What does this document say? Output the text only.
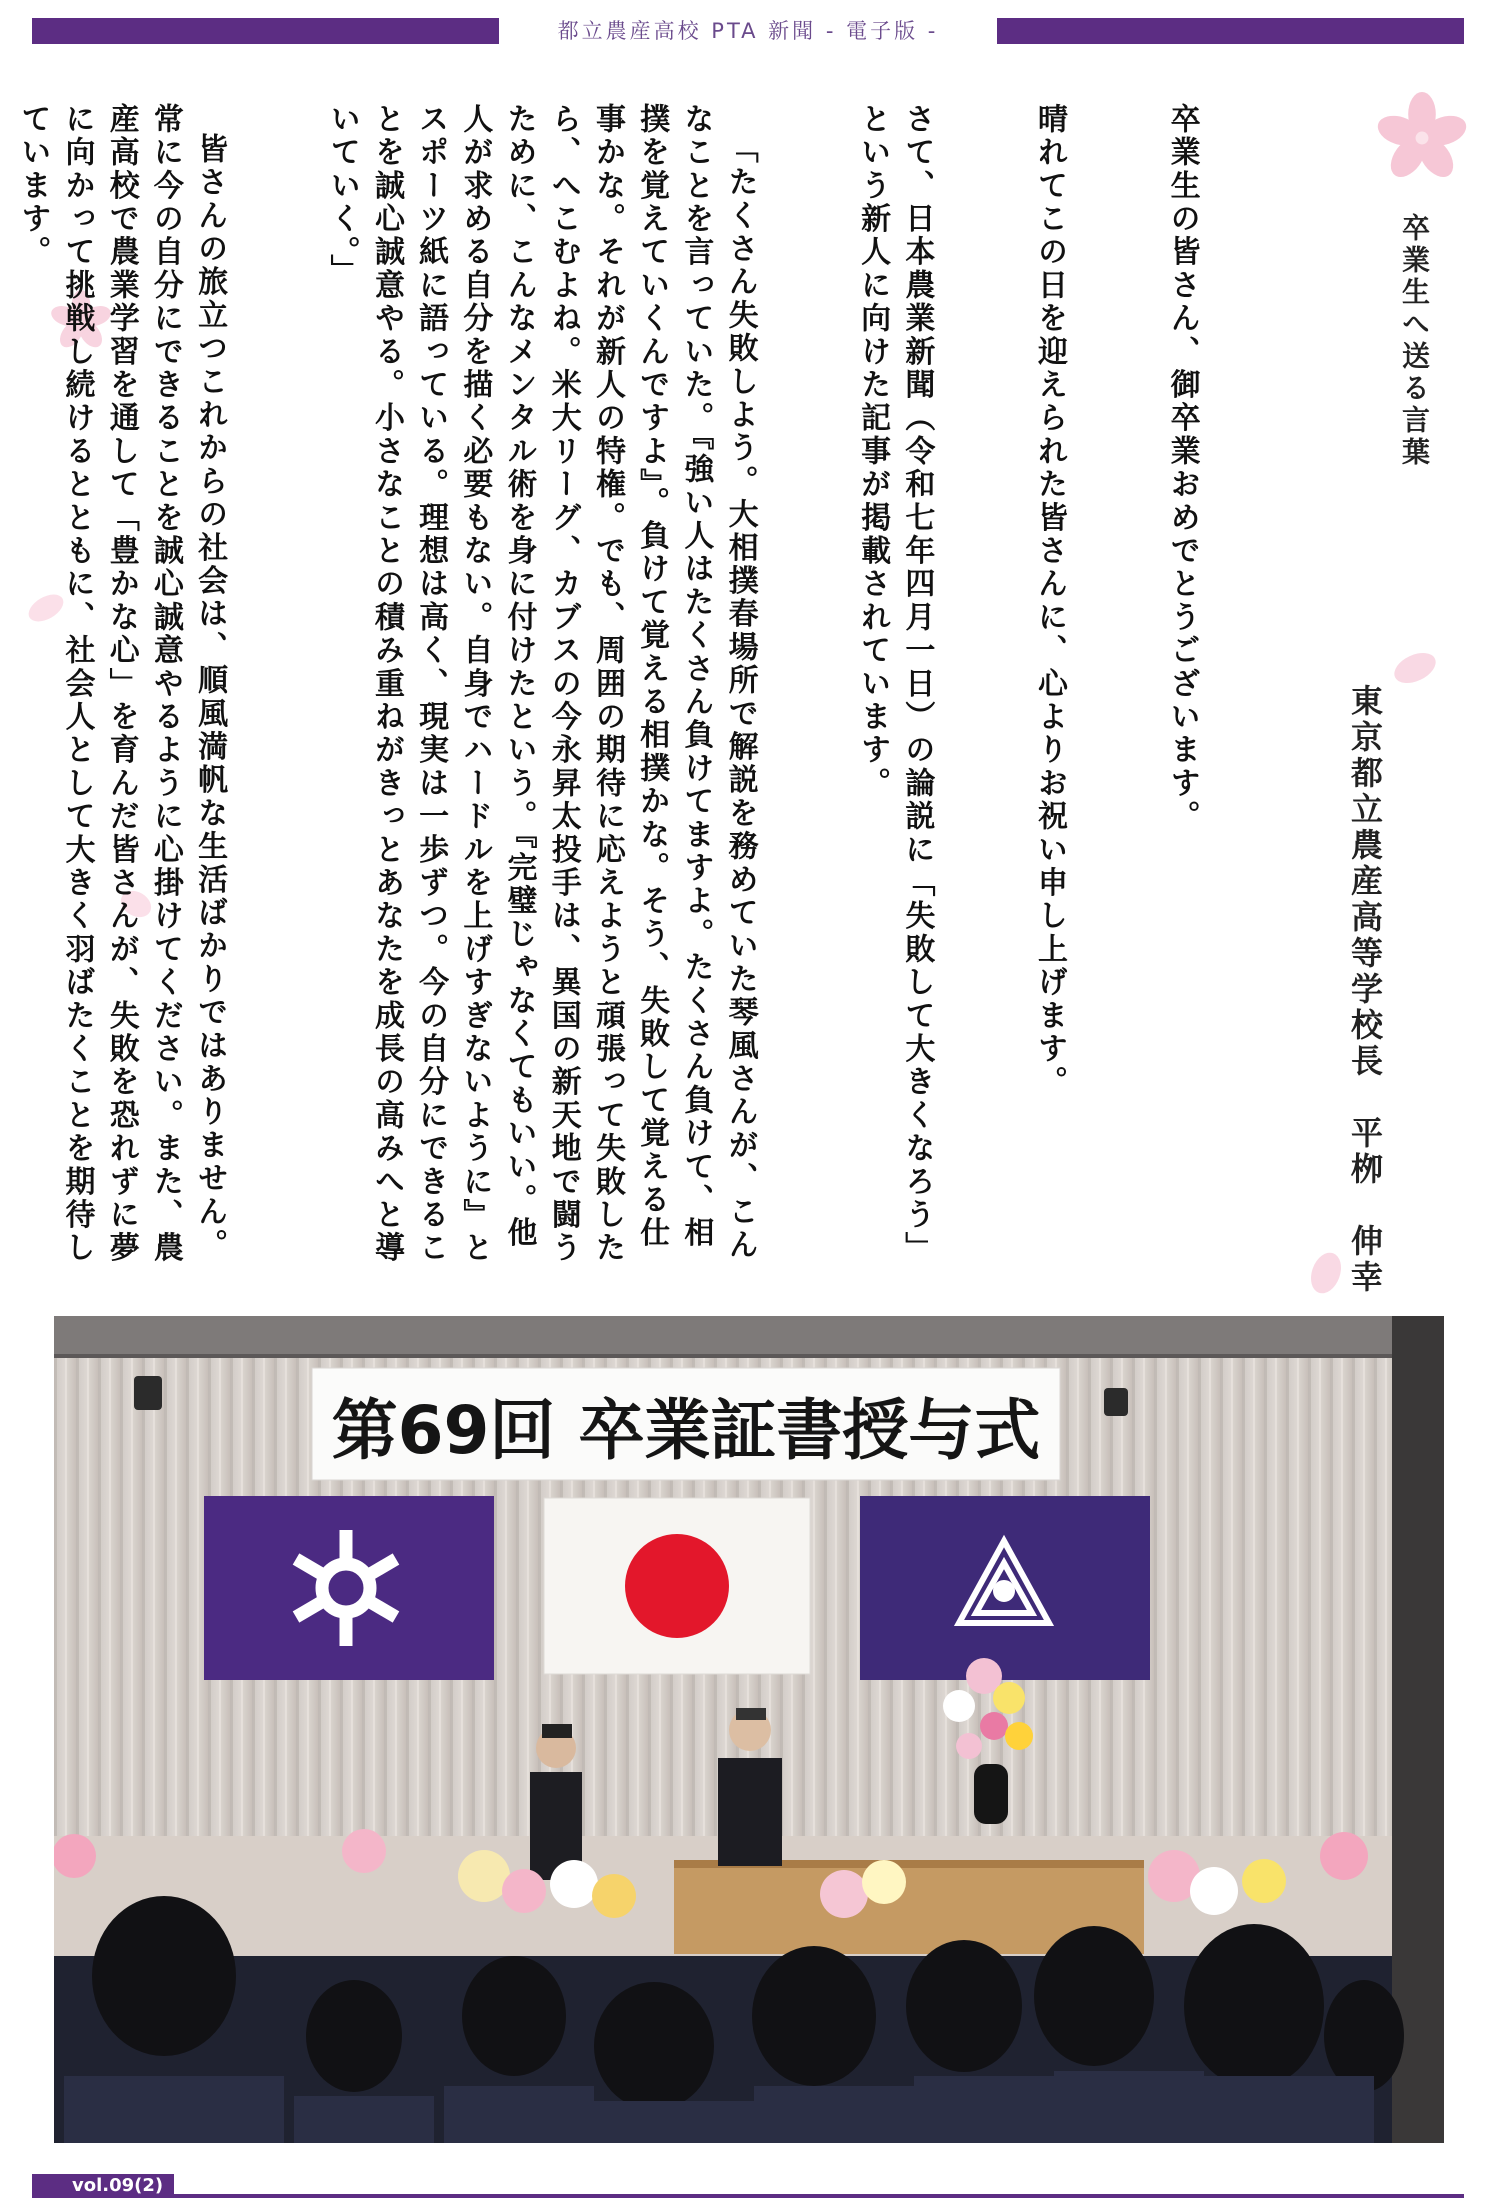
都立農産高校 PTA 新聞 - 電子版 -
卒業生へ送る言葉
東京都立農産高等学校長　平栁　伸幸

卒業生の皆さん、御卒業おめでとうございます。

晴れてこの日を迎えられた皆さんに、心よりお祝い申し上げます。

さて、日本農業新聞（令和七年四月一日）の論説に「失敗して大きくなろう」という新人に向けた記事が掲載されています。

「たくさん失敗しよう。大相撲春場所で解説を務めていた琴風さんが、こんなことを言っていた。『強い人はたくさん負けてますよ。たくさん負けて、相撲を覚えていくんですよ』。負けて覚える相撲かな。そう、失敗して覚える仕事かな。それが新人の特権。でも、周囲の期待に応えようと頑張って失敗したら、へこむよね。米大リーグ、カブスの今永昇太投手は、異国の新天地で闘うために、こんなメンタル術を身に付けたという。『完璧じゃなくてもいい。他人が求める自分を描く必要もない。自身でハードルを上げすぎないように』とスポーツ紙に語っている。理想は高く、現実は一歩ずつ。今の自分にできることを誠心誠意やる。小さなことの積み重ねがきっとあなたを成長の高みへと導いていく。」

皆さんの旅立つこれからの社会は、順風満帆な生活ばかりではありません。常に今の自分にできることを誠心誠意やるように心掛けてください。また、農産高校で農業学習を通して「豊かな心」を育んだ皆さんが、失敗を恐れずに夢に向かって挑戦し続けるとともに、社会人として大きく羽ばたくことを期待しています。

第69回 卒業証書授与式
vol.09(2)
